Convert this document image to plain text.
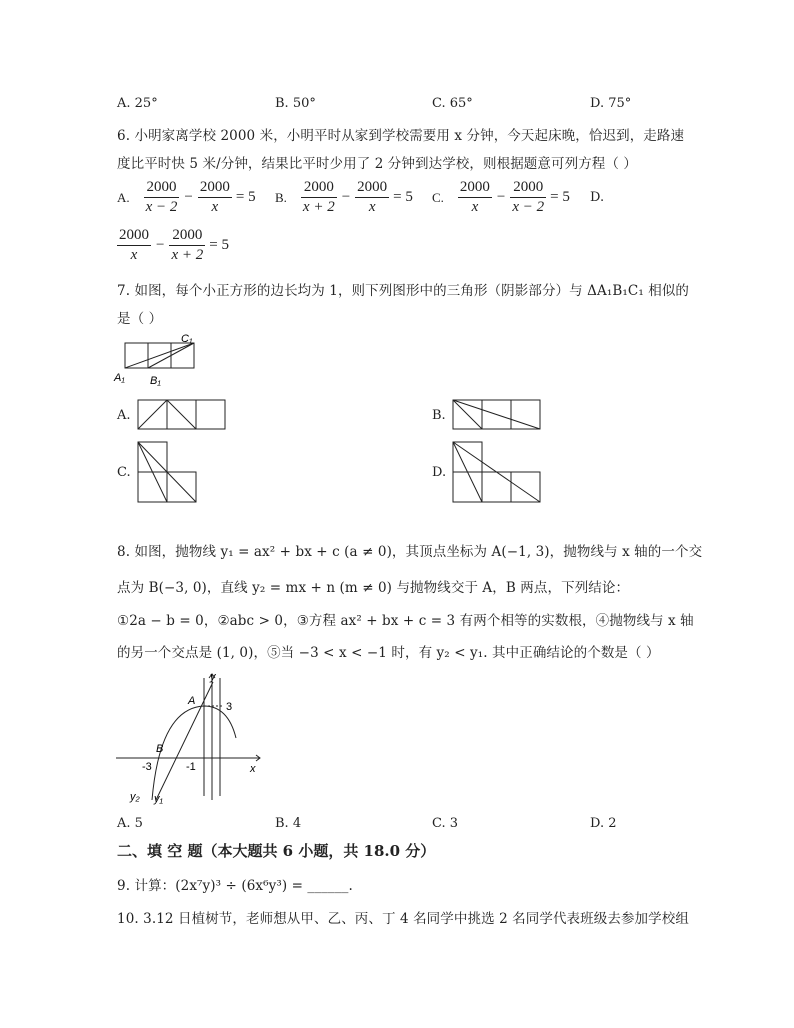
A. 25°	B. 50°	C. 65°	D. 75°
6. 小明家离学校 2000 米，小明平时从家到学校需要用 x 分钟，今天起床晚，恰迟到，走路速
度比平时快 5 米/分钟，结果比平时少用了 2 分钟到达学校，则根据题意可列方程（ ）
A. $\frac{2000}{x - 2} - \frac{2000}{x} = 5$ B. $\frac{2000}{x + 2} - \frac{2000}{x} = 5$ C. $\frac{2000}{x} - \frac{2000}{x - 2} = 5$ D.
$\frac{2000}{x} - \frac{2000}{x + 2} = 5$
7. 如图，每个小正方形的边长均为 1，则下列图形中的三角形（阴影部分）与 ΔA₁B₁C₁ 相似的
是（ ）
C₁
A₁ B₁
A.	B.
C.	D.
8. 如图，抛物线 y₁ = ax² + bx + c (a ≠ 0)，其顶点坐标为 A(−1, 3)，抛物线与 x 轴的一个交
点为 B(−3, 0)，直线 y₂ = mx + n (m ≠ 0) 与抛物线交于 A，B 两点，下列结论：
①2a − b = 0，②abc > 0，③方程 ax² + bx + c = 3 有两个相等的实数根，④抛物线与 x 轴
的另一个交点是 (1, 0)，⑤当 −3 < x < −1 时，有 y₂ < y₁. 其中正确结论的个数是（ ）
y
x
A
B
3
-3	-1
y₂ y₁
A. 5	B. 4	C. 3	D. 2
二、填 空 题（本大题共 6 小题，共 18.0 分）
9. 计算：(2x⁷y)³ ÷ (6x⁶y³) = ______.
10. 3.12 日植树节，老师想从甲、乙、丙、丁 4 名同学中挑选 2 名同学代表班级去参加学校组
